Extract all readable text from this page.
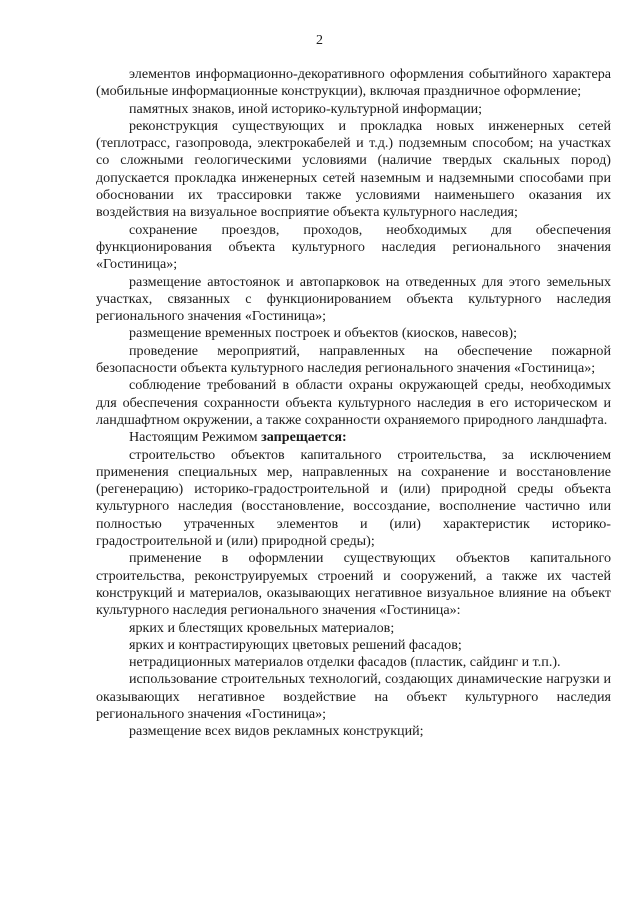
2

элементов информационно-декоративного оформления событийного характера (мобильные информационные конструкции), включая праздничное оформление;

памятных знаков, иной историко-культурной информации;

реконструкция существующих и прокладка новых инженерных сетей (теплотрасс, газопровода, электрокабелей и т.д.) подземным способом; на участках со сложными геологическими условиями (наличие твердых скальных пород) допускается прокладка инженерных сетей наземным и надземными способами при обосновании их трассировки также условиями наименьшего оказания их воздействия на визуальное восприятие объекта культурного наследия;

сохранение проездов, проходов, необходимых для обеспечения функционирования объекта культурного наследия регионального значения «Гостиница»;

размещение автостоянок и автопарковок на отведенных для этого земельных участках, связанных с функционированием объекта культурного наследия регионального значения «Гостиница»;

размещение временных построек и объектов (киосков, навесов);

проведение мероприятий, направленных на обеспечение пожарной безопасности объекта культурного наследия регионального значения «Гостиница»;

соблюдение требований в области охраны окружающей среды, необходимых для обеспечения сохранности объекта культурного наследия в его историческом и ландшафтном окружении, а также сохранности охраняемого природного ландшафта.

Настоящим Режимом запрещается:

строительство объектов капитального строительства, за исключением применения специальных мер, направленных на сохранение и восстановление (регенерацию) историко-градостроительной и (или) природной среды объекта культурного наследия (восстановление, воссоздание, восполнение частично или полностью утраченных элементов и (или) характеристик историко-градостроительной и (или) природной среды);

применение в оформлении существующих объектов капитального строительства, реконструируемых строений и сооружений, а также их частей конструкций и материалов, оказывающих негативное визуальное влияние на объект культурного наследия регионального значения «Гостиница»:

ярких и блестящих кровельных материалов;

ярких и контрастирующих цветовых решений фасадов;

нетрадиционных материалов отделки фасадов (пластик, сайдинг и т.п.).

использование строительных технологий, создающих динамические нагрузки и оказывающих негативное воздействие на объект культурного наследия регионального значения «Гостиница»;

размещение всех видов рекламных конструкций;
